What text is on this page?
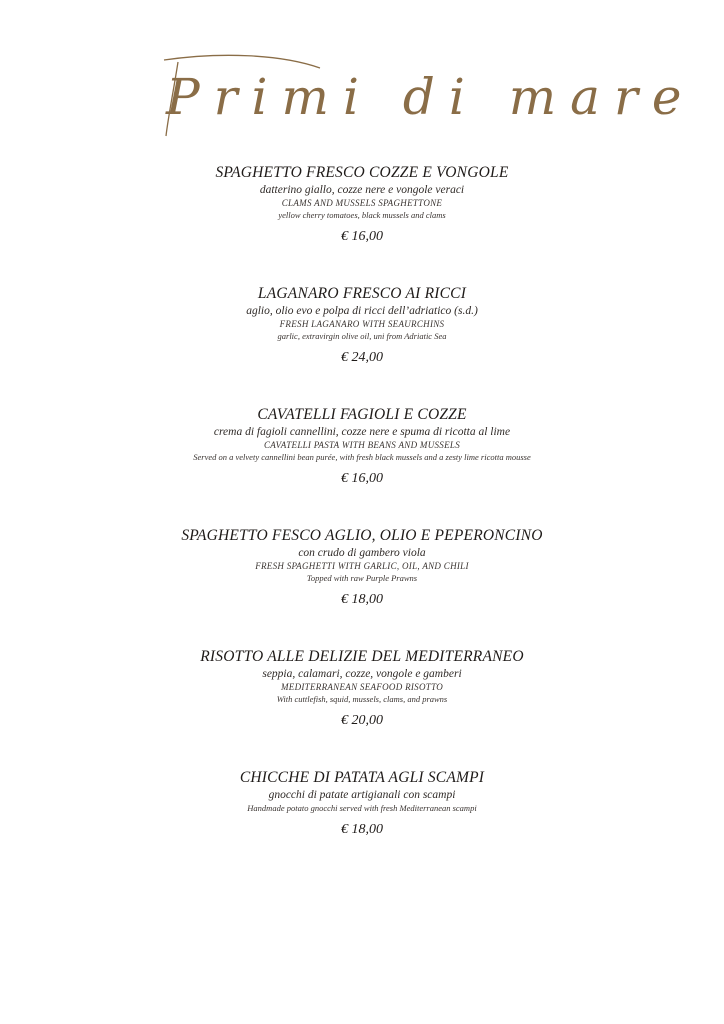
Primi di mare
SPAGHETTO FRESCO COZZE E VONGOLE
datterino giallo, cozze nere e vongole veraci
CLAMS AND MUSSELS SPAGHETTONE
yellow cherry tomatoes, black mussels and clams
€ 16,00
LAGANARO FRESCO AI RICCI
aglio, olio evo e polpa di ricci dell’adriatico (s.d.)
FRESH LAGANARO WITH SEAURCHINS
garlic, extravirgin olive oil, uni from Adriatic Sea
€ 24,00
CAVATELLI FAGIOLI E COZZE
crema di fagioli cannellini, cozze nere e spuma di ricotta al lime
CAVATELLI PASTA WITH BEANS AND MUSSELS
Served on a velvety cannellini bean purée, with fresh black mussels and a zesty lime ricotta mousse
€ 16,00
SPAGHETTO FESCO AGLIO, OLIO E PEPERONCINO
con crudo di gambero viola
FRESH SPAGHETTI WITH GARLIC, OIL, AND CHILI
Topped with raw Purple Prawns
€ 18,00
RISOTTO ALLE DELIZIE DEL MEDITERRANEO
seppia, calamari, cozze, vongole e gamberi
MEDITERRANEAN SEAFOOD RISOTTO
With cuttlefish, squid, mussels, clams, and prawns
€ 20,00
CHICCHE DI PATATA AGLI SCAMPI
gnocchi di patate artigianali con scampi
Handmade potato gnocchi served with fresh Mediterranean scampi
€ 18,00
